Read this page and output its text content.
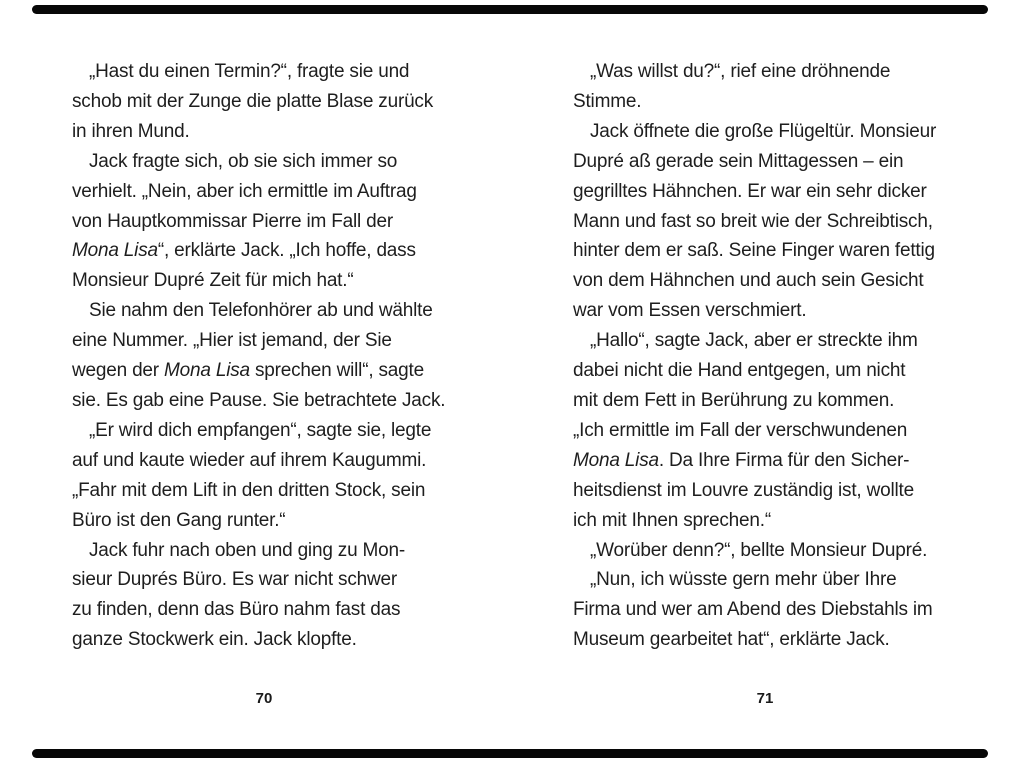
„Hast du einen Termin?“, fragte sie und
schob mit der Zunge die platte Blase zurück
in ihren Mund.
Jack fragte sich, ob sie sich immer so
verhielt. „Nein, aber ich ermittle im Auftrag
von Hauptkommissar Pierre im Fall der
Mona Lisa“, erklärte Jack. „Ich hoffe, dass
Monsieur Dupré Zeit für mich hat.“
Sie nahm den Telefonhörer ab und wählte
eine Nummer. „Hier ist jemand, der Sie
wegen der Mona Lisa sprechen will“, sagte
sie. Es gab eine Pause. Sie betrachtete Jack.
„Er wird dich empfangen“, sagte sie, legte
auf und kaute wieder auf ihrem Kaugummi.
„Fahr mit dem Lift in den dritten Stock, sein
Büro ist den Gang runter.“
Jack fuhr nach oben und ging zu Mon-
sieur Duprés Büro. Es war nicht schwer
zu finden, denn das Büro nahm fast das
ganze Stockwerk ein. Jack klopfte.
„Was willst du?“, rief eine dröhnende
Stimme.
Jack öffnete die große Flügeltür. Monsieur
Dupré aß gerade sein Mittagessen – ein
gegrilltes Hähnchen. Er war ein sehr dicker
Mann und fast so breit wie der Schreibtisch,
hinter dem er saß. Seine Finger waren fettig
von dem Hähnchen und auch sein Gesicht
war vom Essen verschmiert.
„Hallo“, sagte Jack, aber er streckte ihm
dabei nicht die Hand entgegen, um nicht
mit dem Fett in Berührung zu kommen.
„Ich ermittle im Fall der verschwundenen
Mona Lisa. Da Ihre Firma für den Sicher-
heitsdienst im Louvre zuständig ist, wollte
ich mit Ihnen sprechen.“
„Worüber denn?“, bellte Monsieur Dupré.
„Nun, ich wüsste gern mehr über Ihre
Firma und wer am Abend des Diebstahls im
Museum gearbeitet hat“, erklärte Jack.
70	71
